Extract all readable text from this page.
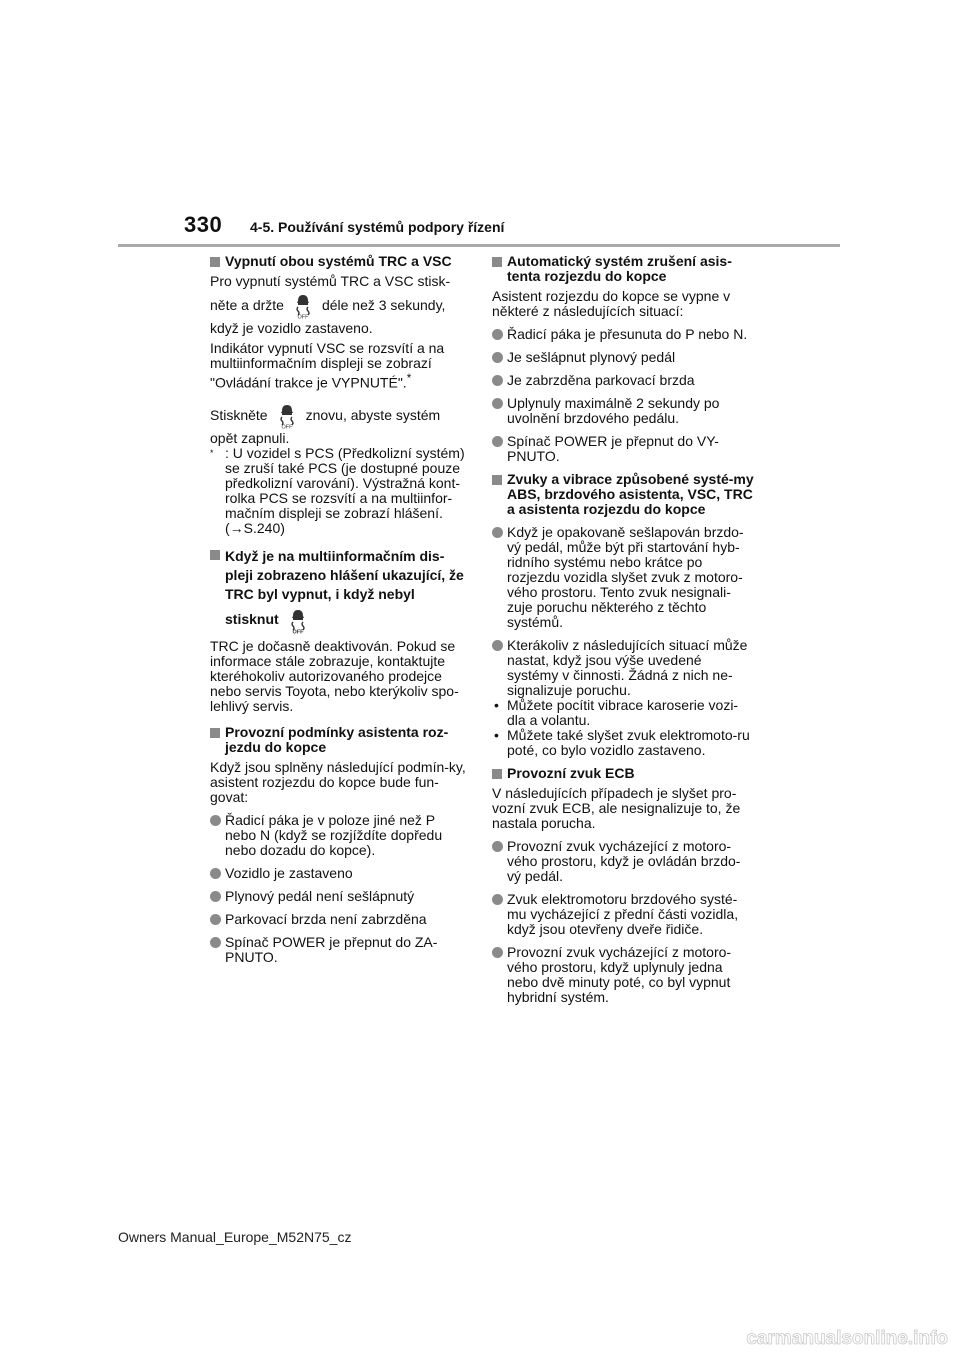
330 4-5. Používání systémů podpory řízení
Vypnutí obou systémů TRC a VSC
Pro vypnutí systémů TRC a VSC stisk-
něte a držte
OFF
déle než 3 sekundy,
když je vozidlo zastaveno.
Indikátor vypnutí VSC se rozsvítí a na multiinformačním displeji se zobrazí "Ovládání trakce je VYPNUTÉ".*
Stiskněte
OFF
znovu, abyste systém
opět zapnuli.
* : U vozidel s PCS (Předkolizní systém) se zruší také PCS (je dostupné pouze předkolizní varování). Výstražná kont-rolka PCS se rozsvítí a na multiinfor-mačním displeji se zobrazí hlášení. (→S.240)
Když je na multiinformačním dis-pleji zobrazeno hlášení ukazující, že TRC byl vypnut, i když nebyl
stisknut
OFF
TRC je dočasně deaktivován. Pokud se informace stále zobrazuje, kontaktujte kteréhokoliv autorizovaného prodejce nebo servis Toyota, nebo kterýkoliv spo-lehlivý servis.
Provozní podmínky asistenta roz-jezdu do kopce
Když jsou splněny následující podmín-ky, asistent rozjezdu do kopce bude fun-govat:
Řadicí páka je v poloze jiné než P nebo N (když se rozjíždíte dopředu nebo dozadu do kopce).
Vozidlo je zastaveno
Plynový pedál není sešlápnutý
Parkovací brzda není zabrzděna
Spínač POWER je přepnut do ZA-PNUTO.
Automatický systém zrušení asis-tenta rozjezdu do kopce
Asistent rozjezdu do kopce se vypne v některé z následujících situací:
Řadicí páka je přesunuta do P nebo N.
Je sešlápnut plynový pedál
Je zabrzděna parkovací brzda
Uplynuly maximálně 2 sekundy po uvolnění brzdového pedálu.
Spínač POWER je přepnut do VY-PNUTO.
Zvuky a vibrace způsobené systé-my ABS, brzdového asistenta, VSC, TRC a asistenta rozjezdu do kopce
Když je opakovaně sešlapován brzdo-vý pedál, může být při startování hyb-ridního systému nebo krátce po rozjezdu vozidla slyšet zvuk z motoro-vého prostoru. Tento zvuk nesignali-zuje poruchu některého z těchto systémů.
Kterákoliv z následujících situací může nastat, když jsou výše uvedené systémy v činnosti. Žádná z nich ne-signalizuje poruchu.
• Můžete pocítit vibrace karoserie vozi-dla a volantu.
• Můžete také slyšet zvuk elektromoto-ru poté, co bylo vozidlo zastaveno.
Provozní zvuk ECB
V následujících případech je slyšet pro-vozní zvuk ECB, ale nesignalizuje to, že nastala porucha.
Provozní zvuk vycházející z motoro-vého prostoru, když je ovládán brzdo-vý pedál.
Zvuk elektromotoru brzdového systé-mu vycházející z přední části vozidla, když jsou otevřeny dveře řidiče.
Provozní zvuk vycházející z motoro-vého prostoru, když uplynuly jedna nebo dvě minuty poté, co byl vypnut hybridní systém.
Owners Manual_Europe_M52N75_cz
carmanualsonline.info
